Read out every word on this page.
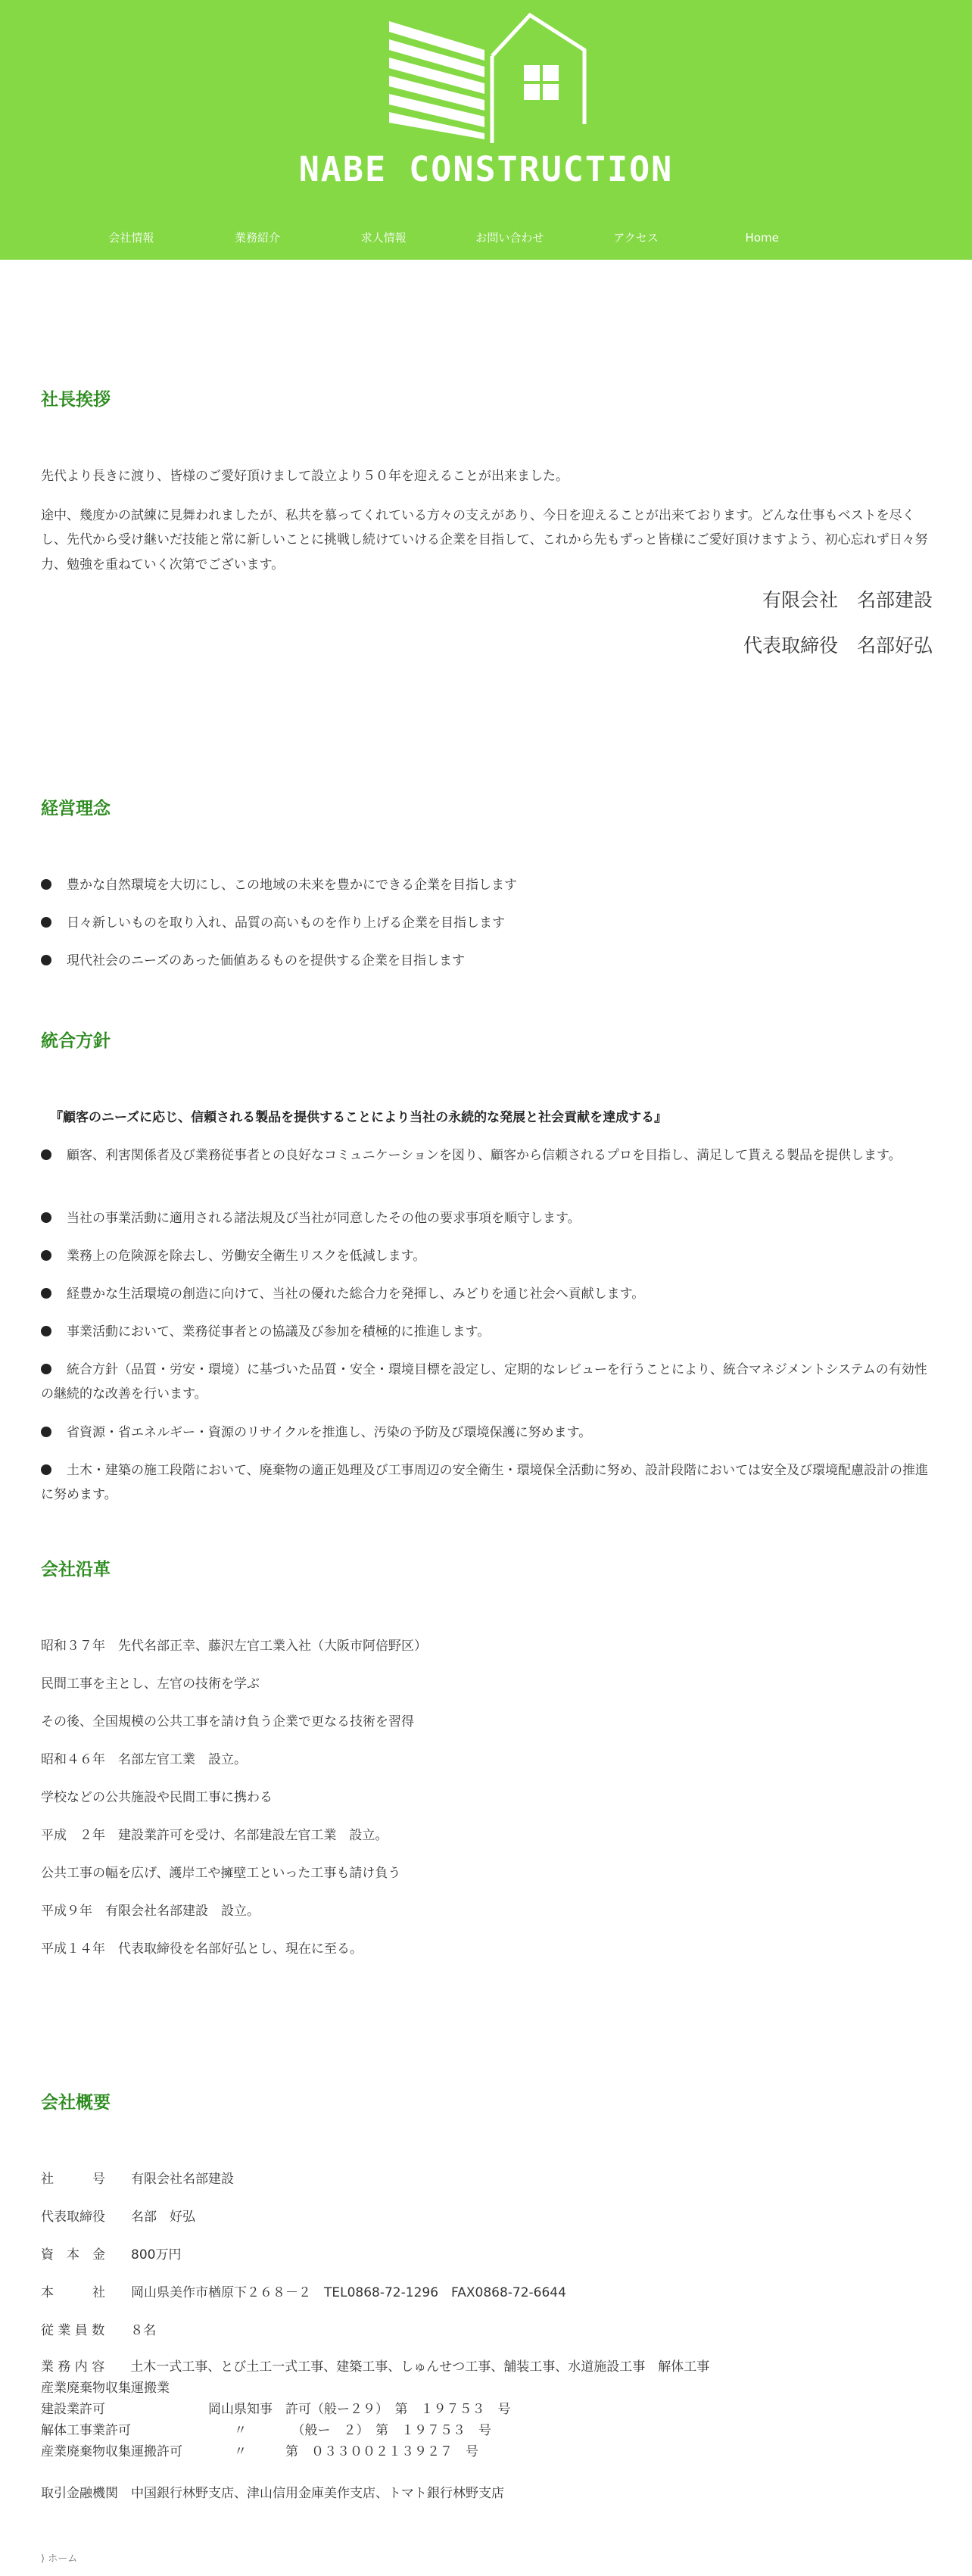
NABE CONSTRUCTION
会社情報	業務紹介	求人情報	お問い合わせ	アクセス	Home
社長挨拶

先代より長きに渡り、皆様のご愛好頂けまして設立より５０年を迎えることが出来ました。

途中、幾度かの試練に見舞われましたが、私共を慕ってくれている方々の支えがあり、今日を迎えることが出来ております。どんな仕事もベストを尽くし、先代から受け継いだ技能と常に新しいことに挑戦し続けていける企業を目指して、これから先もずっと皆様にご愛好頂けますよう、初心忘れず日々努力、勉強を重ねていく次第でございます。

有限会社　名部建設
代表取締役　名部好弘
経営理念
豊かな自然環境を大切にし、この地域の未来を豊かにできる企業を目指します
日々新しいものを取り入れ、品質の高いものを作り上げる企業を目指します
現代社会のニーズのあった価値あるものを提供する企業を目指します
統合方針

『顧客のニーズに応じ、信頼される製品を提供することにより当社の永続的な発展と社会貢献を達成する』

顧客、利害関係者及び業務従事者との良好なコミュニケーションを図り、顧客から信頼されるプロを目指し、満足して貰える製品を提供します。
当社の事業活動に適用される諸法規及び当社が同意したその他の要求事項を順守します。
業務上の危険源を除去し、労働安全衛生リスクを低減します。
経豊かな生活環境の創造に向けて、当社の優れた総合力を発揮し、みどりを通じ社会へ貢献します。
事業活動において、業務従事者との協議及び参加を積極的に推進します。
統合方針（品質・労安・環境）に基づいた品質・安全・環境目標を設定し、定期的なレビューを行うことにより、統合マネジメントシステムの有効性の継続的な改善を行います。
省資源・省エネルギー・資源のリサイクルを推進し、汚染の予防及び環境保護に努めます。
土木・建築の施工段階において、廃棄物の適正処理及び工事周辺の安全衛生・環境保全活動に努め、設計段階においては安全及び環境配慮設計の推進に努めます。
会社沿革

昭和３７年　先代名部正幸、藤沢左官工業入社（大阪市阿倍野区）

民間工事を主とし、左官の技術を学ぶ

その後、全国規模の公共工事を請け負う企業で更なる技術を習得

昭和４６年　名部左官工業　設立。

学校などの公共施設や民間工事に携わる

平成　２年　建設業許可を受け、名部建設左官工業　設立。

公共工事の幅を広げ、護岸工や擁壁工といった工事も請け負う

平成９年　有限会社名部建設　設立。

平成１４年　代表取締役を名部好弘とし、現在に至る。

会社概要
社　　　号　　有限会社名部建設
代表取締役　　名部　好弘
資　本　金　　800万円
本　　　社　　岡山県美作市楢原下２６８－２　TEL0868-72-1296　FAX0868-72-6644
従 業 員 数　　８名
業 務 内 容　　土木一式工事、とび土工一式工事、建築工事、しゅんせつ工事、舗装工事、水道施設工事　解体工事
産業廃棄物収集運搬業
建設業許可　　　　　　　　岡山県知事　許可（般ー２９）　第　１９７５３　号
解体工事業許可　　　　　　　　〃　　　　（般ー　２）　第　１９７５３　号
産業廃棄物収集運搬許可　　　　〃　　　第　０３３００２１３９２７　号
取引金融機関　中国銀行林野支店、津山信用金庫美作支店、トマト銀行林野支店
⟩ ホーム
